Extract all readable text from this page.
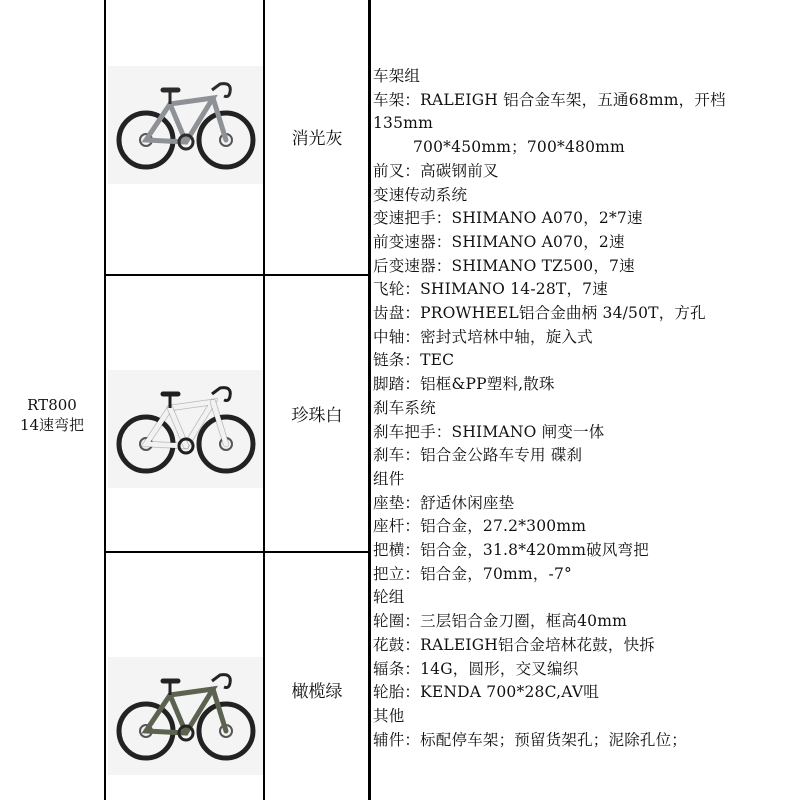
RT800
14速弯把
消光灰
珍珠白
橄榄绿
车架组
车架：RALEIGH 铝合金车架，五通68mm，开档
135mm
700*450mm；700*480mm
前叉：高碳钢前叉
变速传动系统
变速把手：SHIMANO A070，2*7速
前变速器：SHIMANO A070，2速
后变速器：SHIMANO TZ500，7速
飞轮：SHIMANO 14-28T，7速
齿盘：PROWHEEL铝合金曲柄 34/50T，方孔
中轴：密封式培林中轴，旋入式
链条：TEC
脚踏：铝框&PP塑料,散珠
刹车系统
刹车把手：SHIMANO 闸变一体
刹车：铝合金公路车专用 碟刹
组件
座垫：舒适休闲座垫
座杆：铝合金，27.2*300mm
把横：铝合金，31.8*420mm破风弯把
把立：铝合金，70mm，-7°
轮组
轮圈：三层铝合金刀圈，框高40mm
花鼓：RALEIGH铝合金培林花鼓，快拆
辐条：14G，圆形，交叉编织
轮胎：KENDA 700*28C,AV咀
其他
辅件：标配停车架；预留货架孔；泥除孔位；
